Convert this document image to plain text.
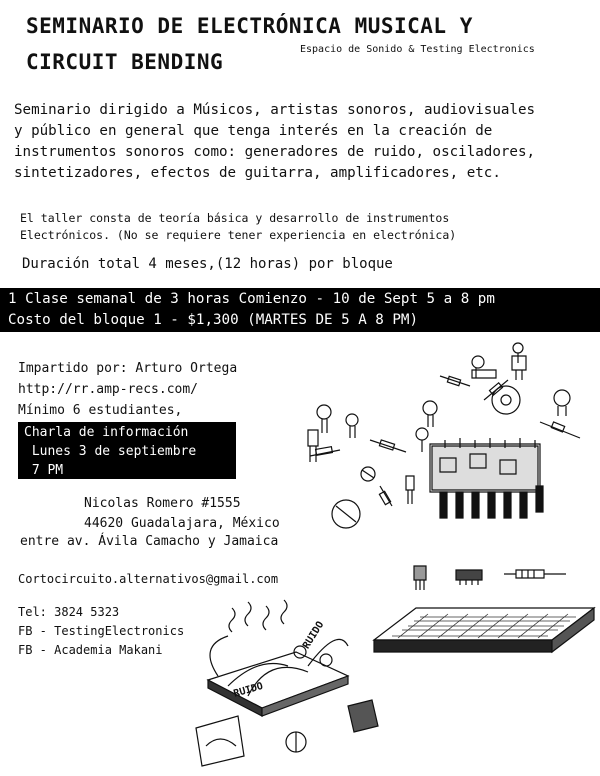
SEMINARIO DE ELECTRÓNICA MUSICAL Y
CIRCUIT BENDING
Espacio de Sonido & Testing Electronics
Seminario dirigido a Músicos, artistas sonoros, audiovisuales
y público en general que tenga interés en la creación de
instrumentos sonoros como: generadores de ruido, osciladores,
sintetizadores, efectos de guitarra, amplificadores, etc.
El taller consta de teoría básica y desarrollo de instrumentos
Electrónicos. (No se requiere tener experiencia en electrónica)
Duración total 4 meses,(12 horas) por bloque
1 Clase semanal de 3 horas Comienzo - 10 de Sept 5 a 8 pm
Costo del bloque 1 - $1,300 (MARTES DE 5 A 8 PM)
Impartido por: Arturo Ortega
http://rr.amp-recs.com/
Mínimo 6 estudiantes,
Charla de información
Lunes 3 de septiembre
7 PM
Nicolas Romero #1555
44620 Guadalajara, México
entre av. Ávila Camacho y Jamaica
Cortocircuito.alternativos@gmail.com
Tel: 3824 5323
FB - TestingElectronics
FB - Academia Makani
RUIDO
RUIDO
